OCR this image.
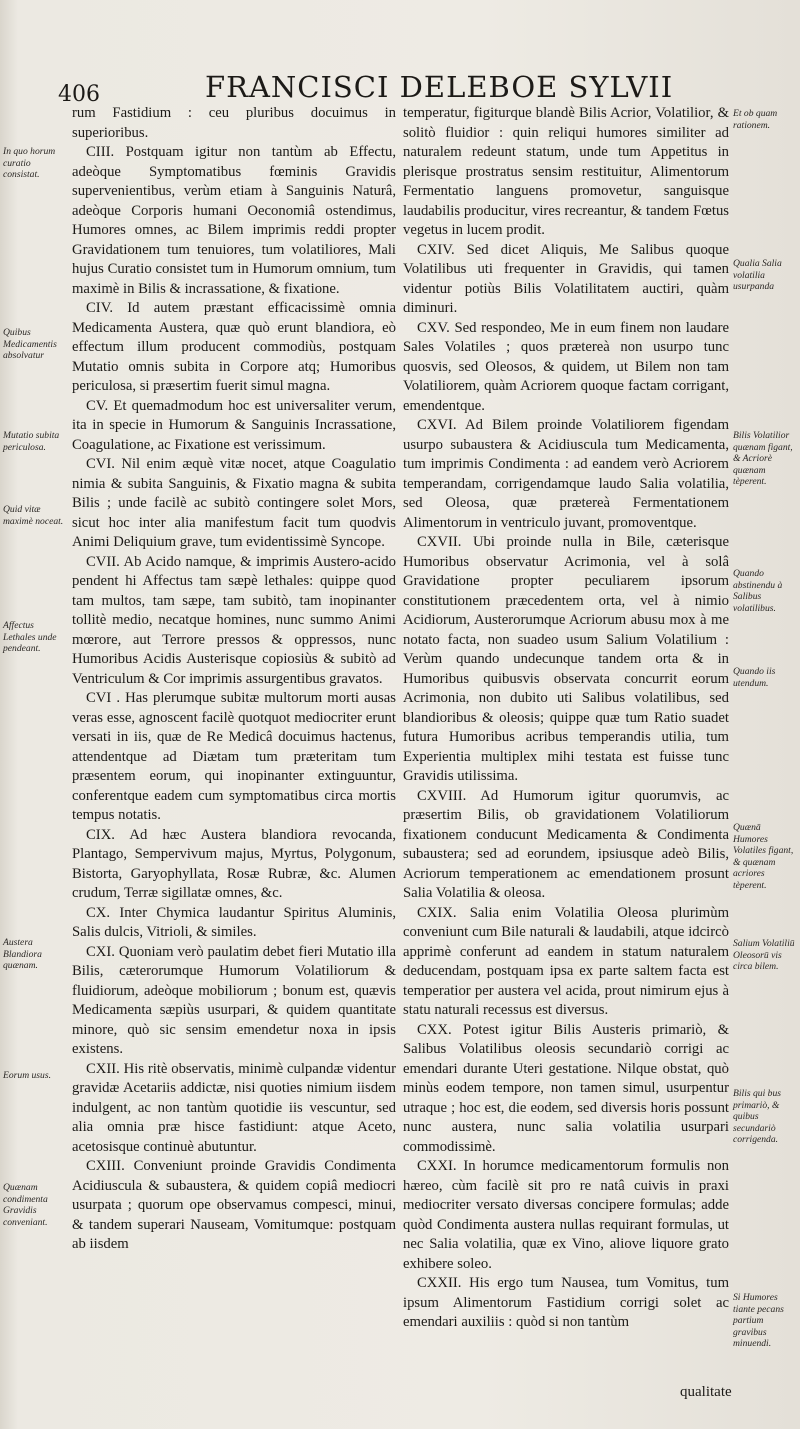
406	FRANCISCI DELEBOE SYLVII

rum Fastidium : ceu pluribus docuimus in superioribus.

CIII. Postquam igitur non tantùm ab Effectu, adeòque Symptomatibus fœminis Gravidis supervenientibus, verùm etiam à Sanguinis Naturâ, adeòque Corporis humani Oeconomiâ ostendimus, Humores omnes, ac Bilem imprimis reddi propter Gravidationem tum tenuiores, tum volatiliores, Mali hujus Curatio consistet tum in Humorum omnium, tum maximè in Bilis & incrassatione, & fixatione.

CIV. Id autem præstant efficacissimè omnia Medicamenta Austera, quæ quò erunt blandiora, eò effectum illum producent commodiùs, postquam Mutatio omnis subita in Corpore atq; Humoribus periculosa, si præsertim fuerit simul magna.

CV. Et quemadmodum hoc est universaliter verum, ita in specie in Humorum & Sanguinis Incrassatione, Coagulatione, ac Fixatione est verissimum.

CVI. Nil enim æquè vitæ nocet, atque Coagulatio nimia & subita Sanguinis, & Fixatio magna & subita Bilis ; unde facilè ac subitò contingere solet Mors, sicut hoc inter alia manifestum facit tum quodvis Animi Deliquium grave, tum evidentissimè Syncope.

CVII. Ab Acido namque, & imprimis Austero-acido pendent hi Affectus tam sæpè lethales: quippe quod tam multos, tam sæpe, tam subitò, tam inopinanter tollitè medio, necatque homines, nunc summo Animi mœrore, aut Terrore pressos & oppressos, nunc Humoribus Acidis Austerisque copiosiùs & subitò ad Ventriculum & Cor imprimis assurgentibus gravatos.

CVI . Has plerumque subitæ multorum morti ausas veras esse, agnoscent facilè quotquot mediocriter erunt versati in iis, quæ de Re Medicâ docuimus hactenus, attendentque ad Diætam tum præteritam tum præsentem eorum, qui inopinanter extinguuntur, conferentque eadem cum symptomatibus circa mortis tempus notatis.

CIX. Ad hæc Austera blandiora revocanda, Plantago, Sempervivum majus, Myrtus, Polygonum, Bistorta, Garyophyllata, Rosæ Rubræ, &c. Alumen crudum, Terræ sigillatæ omnes, &c.

CX. Inter Chymica laudantur Spiritus Aluminis, Salis dulcis, Vitrioli, & similes.

CXI. Quoniam verò paulatim debet fieri Mutatio illa Bilis, cæterorumque Humorum Volatiliorum & fluidiorum, adeòque mobiliorum ; bonum est, quævis Medicamenta sæpiùs usurpari, & quidem quantitate minore, quò sic sensim emendetur noxa in ipsis existens.

CXII. His ritè observatis, minimè culpandæ videntur gravidæ Acetariis addictæ, nisi quoties nimium iisdem indulgent, ac non tantùm quotidie iis vescuntur, sed alia omnia præ hisce fastidiunt: atque Aceto, acetosisque continuè abutuntur.

CXIII. Conveniunt proinde Gravidis Condimenta Acidiuscula & subaustera, & quidem copiâ mediocri usurpata ; quorum ope observamus compesci, minui, & tandem superari Nauseam, Vomitumque: postquam ab iisdem

temperatur, figiturque blandè Bilis Acrior, Volatilior, & solitò fluidior : quin reliqui humores similiter ad naturalem redeunt statum, unde tum Appetitus in plerisque prostratus sensim restituitur, Alimentorum Fermentatio languens promovetur, sanguisque laudabilis producitur, vires recreantur, & tandem Fœtus vegetus in lucem prodit.

CXIV. Sed dicet Aliquis, Me Salibus quoque Volatilibus uti frequenter in Gravidis, qui tamen videntur potiùs Bilis Volatilitatem auctiri, quàm diminuri.

CXV. Sed respondeo, Me in eum finem non laudare Sales Volatiles ; quos prætereà non usurpo tunc quosvis, sed Oleosos, & quidem, ut Bilem non tam Volatiliorem, quàm Acriorem quoque factam corrigant, emendentque.

CXVI. Ad Bilem proinde Volatiliorem figendam usurpo subaustera & Acidiuscula tum Medicamenta, tum imprimis Condimenta : ad eandem verò Acriorem temperandam, corrigendamque laudo Salia volatilia, sed Oleosa, quæ prætereà Fermentationem Alimentorum in ventriculo juvant, promoventque.

CXVII. Ubi proinde nulla in Bile, cæterisque Humoribus observatur Acrimonia, vel à solâ Gravidatione propter peculiarem ipsorum constitutionem præcedentem orta, vel à nimio Acidiorum, Austerorumque Acriorum abusu mox à me notato facta, non suadeo usum Salium Volatilium : Verùm quando undecunque tandem orta & in Humoribus quibusvis observata concurrit eorum Acrimonia, non dubito uti Salibus volatilibus, sed blandioribus & oleosis; quippe quæ tum Ratio suadet futura Humoribus acribus temperandis utilia, tum Experientia multiplex mihi testata est fuisse tunc Gravidis utilissima.

CXVIII. Ad Humorum igitur quorumvis, ac præsertim Bilis, ob gravidationem Volatiliorum fixationem conducunt Medicamenta & Condimenta subaustera; sed ad eorundem, ipsiusque adeò Bilis, Acriorum temperationem ac emendationem prosunt Salia Volatilia & oleosa.

CXIX. Salia enim Volatilia Oleosa plurimùm conveniunt cum Bile naturali & laudabili, atque idcircò apprimè conferunt ad eandem in statum naturalem deducendam, postquam ipsa ex parte saltem facta est temperatior per austera vel acida, prout nimirum ejus à statu naturali recessus est diversus.

CXX. Potest igitur Bilis Austeris primariò, & Salibus Volatilibus oleosis secundariò corrigi ac emendari durante Uteri gestatione. Nilque obstat, quò minùs eodem tempore, non tamen simul, usurpentur utraque ; hoc est, die eodem, sed diversis horis possunt nunc austera, nunc salia volatilia usurpari commodissimè.

CXXI. In horumce medicamentorum formulis non hæreo, cùm facilè sit pro re natâ cuivis in praxi mediocriter versato diversas concipere formulas; adde quòd Condimenta austera nullas requirant formulas, ut nec Salia volatilia, quæ ex Vino, aliove liquore grato exhibere soleo.

CXXII. His ergo tum Nausea, tum Vomitus, tum ipsum Alimentorum Fastidium corrigi solet ac emendari auxiliis : quòd si non tantùm

In quo horum curatio consistat.
Quibus Medicamentis absolvatur
Mutatio subita periculosa.
Quid vitæ maximè noceat.
Affectus Lethales unde pendeant.
Austera Blandiora quænam.
Eorum usus.
Quænam condimenta Gravidis conveniant.
Et ob quam rationem.
Qualia Salia volatilia usurpanda
Bilis Volatilior quænam figant, & Acriorè quænam tèperent.
Quando abstinendu à Salibus volatilibus.
Quando iis utendum.
Quænā Humores Volatiles figant, & quænam acriores tèperent.
Salium Volatiliū Oleosorū vis circa bilem.
Bilis qui bus primariò, & quibus secundariò corrigenda.
Si Humores tiante pecans partium gravibus minuendi.
qualitate
